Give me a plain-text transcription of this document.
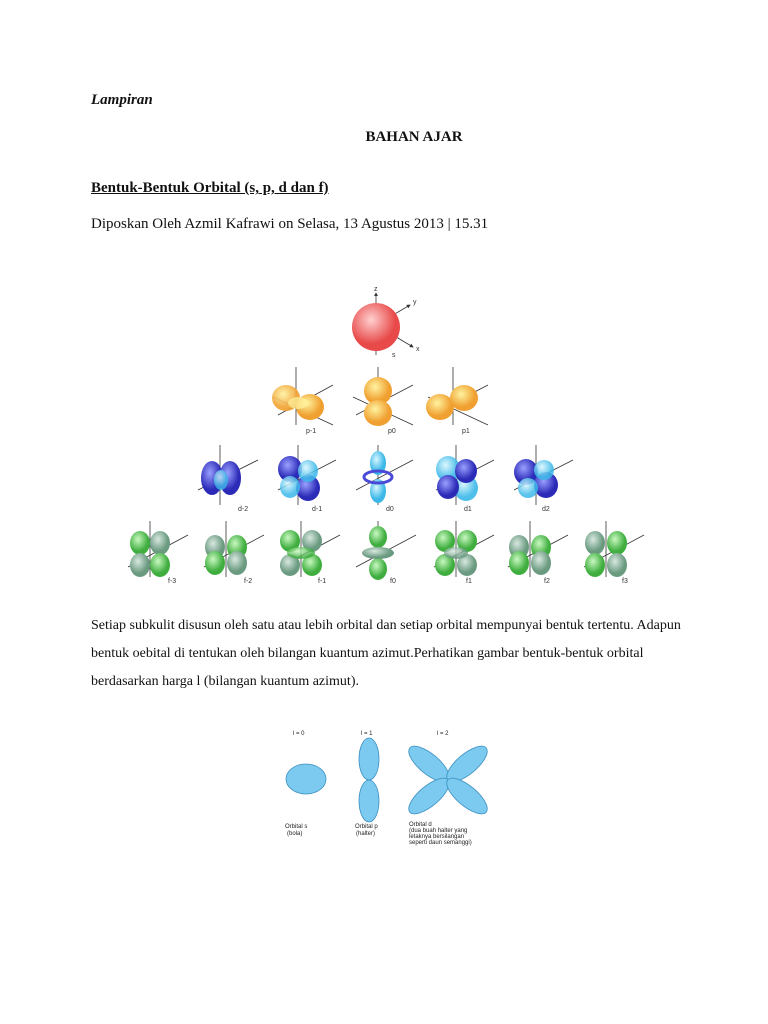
Lampiran
BAHAN AJAR
Bentuk-Bentuk Orbital (s, p, d dan f)
Diposkan Oleh Azmil Kafrawi on Selasa, 13 Agustus 2013 | 15.31
z
y
x
s
p-1	p0	p1
d-2	d-1	d0	d1	d2
f-3	f-2	f-1	f0	f1	f2	f3
Setiap subkulit disusun oleh satu atau lebih orbital dan setiap orbital mempunyai bentuk tertentu. Adapun bentuk oebital di tentukan oleh bilangan kuantum azimut.Perhatikan gambar bentuk-bentuk orbital berdasarkan harga l (bilangan kuantum azimut).
l = 0	l = 1	l = 2
Orbital s
(bola)
Orbital p
(halter)
Orbital d
(dua buah halter yang
letaknya bersilangan
seperti daun semanggi)
